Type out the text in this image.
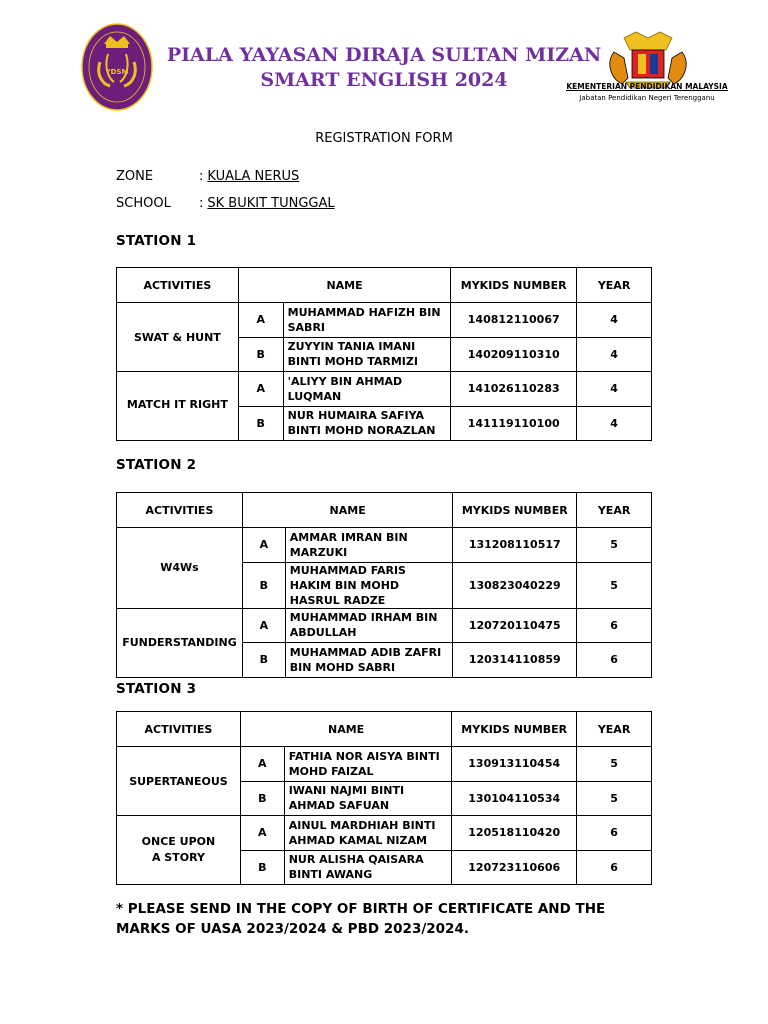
YDSM
PIALA YAYASAN DIRAJA SULTAN MIZAN
SMART ENGLISH 2024	KEMENTERIAN PENDIDIKAN MALAYSIA
Jabatan Pendidikan Negeri Terengganu
REGISTRATION FORM
ZONE	: KUALA NERUS
SCHOOL : SK BUKIT TUNGGAL
STATION 1
ACTIVITIES	NAME		MYKIDS NUMBER	YEAR
SWAT & HUNT	A	MUHAMMAD HAFIZH BIN SABRI	140812110067	4
	B	ZUYYIN TANIA IMANI BINTI MOHD TARMIZI	140209110310	4
MATCH IT RIGHT	A	'ALIYY BIN AHMAD LUQMAN	141026110283	4
	B	NUR HUMAIRA SAFIYA BINTI MOHD NORAZLAN	141119110100	4
STATION 2
ACTIVITIES	NAME		MYKIDS NUMBER	YEAR
W4Ws	A	AMMAR IMRAN BIN MARZUKI	131208110517	5
	B	MUHAMMAD FARIS HAKIM BIN MOHD HASRUL RADZE	130823040229	5
FUNDERSTANDING	A	MUHAMMAD IRHAM BIN ABDULLAH	120720110475	6
	B	MUHAMMAD ADIB ZAFRI BIN MOHD SABRI	120314110859	6
STATION 3
ACTIVITIES	NAME		MYKIDS NUMBER	YEAR
SUPERTANEOUS	A	FATHIA NOR AISYA BINTI MOHD FAIZAL	130913110454	5
	B	IWANI NAJMI BINTI AHMAD SAFUAN	130104110534	5
ONCE UPON A STORY	A	AINUL MARDHIAH BINTI AHMAD KAMAL NIZAM	120518110420	6
	B	NUR ALISHA QAISARA BINTI AWANG	120723110606	6
* PLEASE SEND IN THE COPY OF BIRTH OF CERTIFICATE AND THE MARKS OF UASA 2023/2024 & PBD 2023/2024.
